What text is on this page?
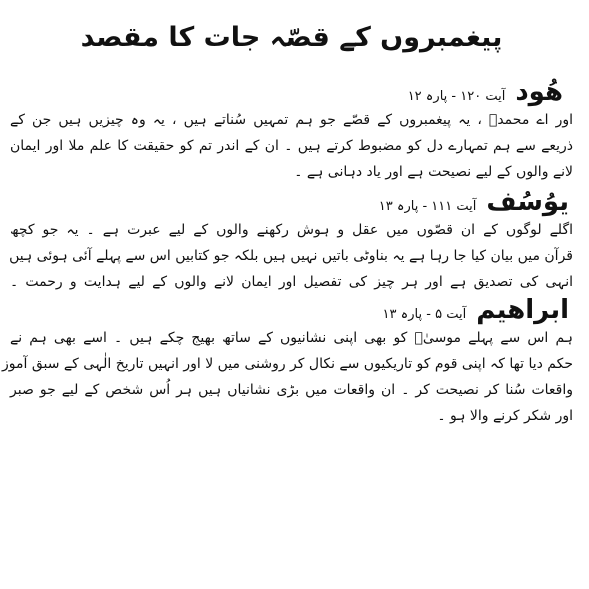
پیغمبروں کے قصّہ جات کا مقصد
ھُود
آیت ۱۲۰ - پارہ ۱۲
اور اے محمدؐ ، یہ پیغمبروں کے قصّے جو ہم تمہیں سُناتے ہیں ، یہ وہ چیزیں ہیں جن کے
ذریعے سے ہم تمہارے دل کو مضبوط کرتے ہیں ۔ ان کے اندر تم کو حقیقت کا علم ملا اور ایمان
لانے والوں کے لیے نصیحت ہے اور یاد دہانی ہے ۔
یوُسُف
آیت ۱۱۱ - پارہ ۱۳
اگلے لوگوں کے ان قصّوں میں عقل و ہوش رکھنے والوں کے لیے عبرت ہے ۔ یہ جو کچھ
قرآن میں بیان کیا جا رہا ہے یہ بناوٹی باتیں نہیں ہیں بلکہ جو کتابیں اس سے پہلے آئی ہوئی ہیں
انہی کی تصدیق ہے اور ہر چیز کی تفصیل اور ایمان لانے والوں کے لیے ہدایت و رحمت ۔
ابراھیم
آیت ۵ - پارہ ۱۳
ہم اس سے پہلے موسیٰؑ کو بھی اپنی نشانیوں کے ساتھ بھیج چکے ہیں ۔ اسے بھی ہم نے
حکم دیا تھا کہ اپنی قوم کو تاریکیوں سے نکال کر روشنی میں لا اور انہیں تاریخ الٰہی کے سبق آموز
واقعات سُنا کر نصیحت کر ۔ ان واقعات میں بڑی نشانیاں ہیں ہر اُس شخص کے لیے جو صبر
اور شکر کرنے والا ہو ۔
